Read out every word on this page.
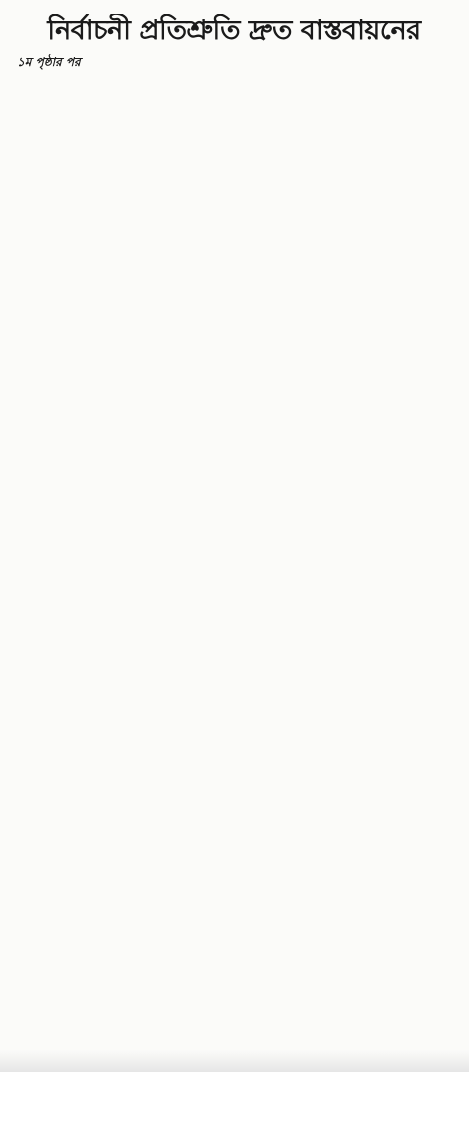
নির্বাচনী প্রতিশ্রুতি দ্রুত বাস্তবায়নের
১ম পৃষ্ঠার পর
